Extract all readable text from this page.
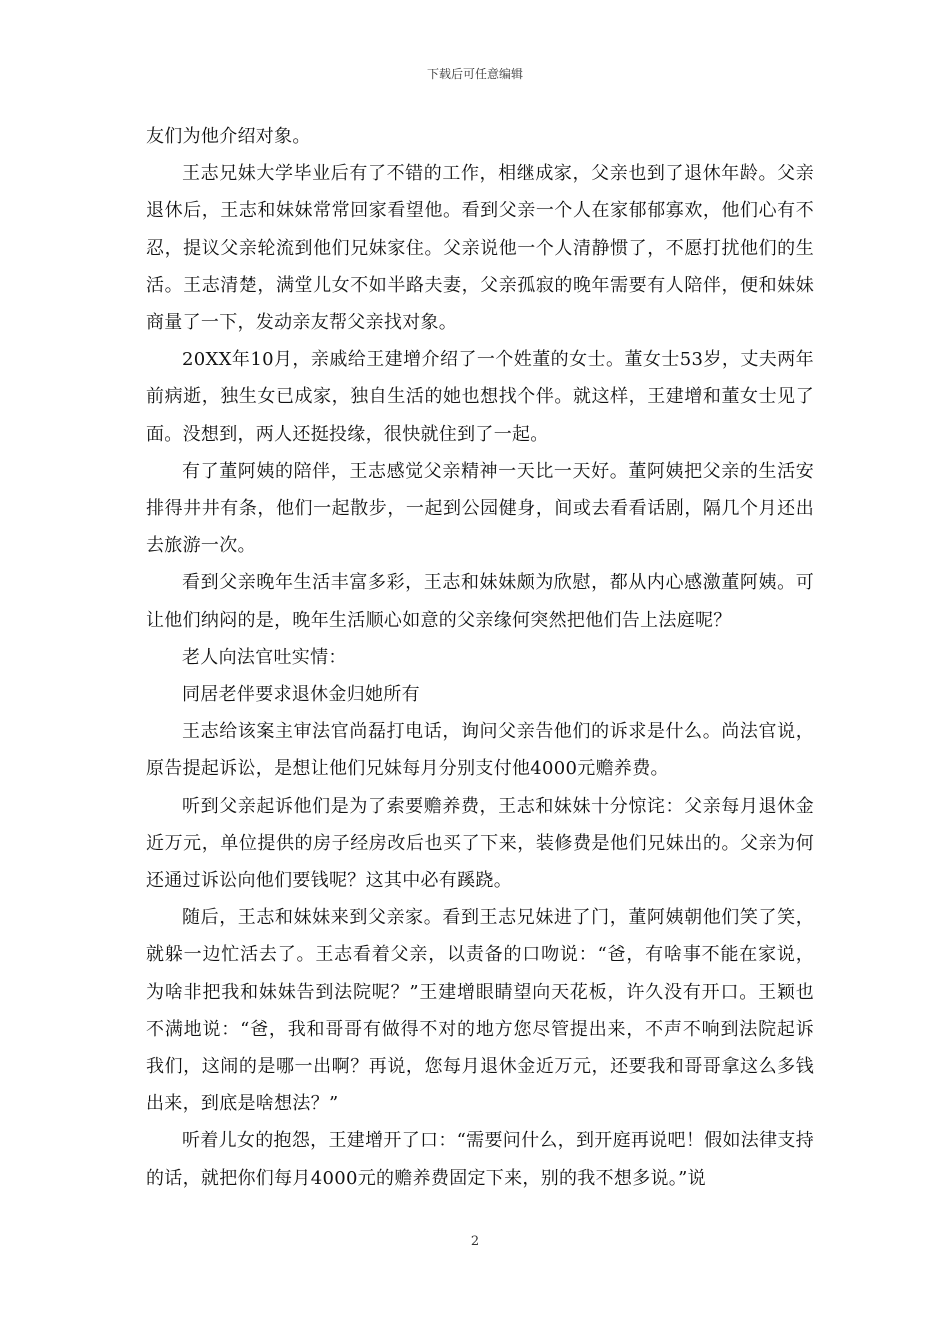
下载后可任意编辑

友们为他介绍对象。

王志兄妹大学毕业后有了不错的工作，相继成家，父亲也到了退休年龄。父亲退休后，王志和妹妹常常回家看望他。看到父亲一个人在家郁郁寡欢，他们心有不忍，提议父亲轮流到他们兄妹家住。父亲说他一个人清静惯了，不愿打扰他们的生活。王志清楚，满堂儿女不如半路夫妻，父亲孤寂的晚年需要有人陪伴，便和妹妹商量了一下，发动亲友帮父亲找对象。

20XX年10月，亲戚给王建增介绍了一个姓董的女士。董女士53岁，丈夫两年前病逝，独生女已成家，独自生活的她也想找个伴。就这样，王建增和董女士见了面。没想到，两人还挺投缘，很快就住到了一起。

有了董阿姨的陪伴，王志感觉父亲精神一天比一天好。董阿姨把父亲的生活安排得井井有条，他们一起散步，一起到公园健身，间或去看看话剧，隔几个月还出去旅游一次。

看到父亲晚年生活丰富多彩，王志和妹妹颇为欣慰，都从内心感激董阿姨。可让他们纳闷的是，晚年生活顺心如意的父亲缘何突然把他们告上法庭呢？

老人向法官吐实情：

同居老伴要求退休金归她所有

王志给该案主审法官尚磊打电话，询问父亲告他们的诉求是什么。尚法官说，原告提起诉讼，是想让他们兄妹每月分别支付他4000元赡养费。

听到父亲起诉他们是为了索要赡养费，王志和妹妹十分惊诧：父亲每月退休金近万元，单位提供的房子经房改后也买了下来，装修费是他们兄妹出的。父亲为何还通过诉讼向他们要钱呢？这其中必有蹊跷。

随后，王志和妹妹来到父亲家。看到王志兄妹进了门，董阿姨朝他们笑了笑，就躲一边忙活去了。王志看着父亲，以责备的口吻说：“爸，有啥事不能在家说，为啥非把我和妹妹告到法院呢？”王建增眼睛望向天花板，许久没有开口。王颖也不满地说：“爸，我和哥哥有做得不对的地方您尽管提出来，不声不响到法院起诉我们，这闹的是哪一出啊？再说，您每月退休金近万元，还要我和哥哥拿这么多钱出来，到底是啥想法？”

听着儿女的抱怨，王建增开了口：“需要问什么，到开庭再说吧！假如法律支持的话，就把你们每月4000元的赡养费固定下来，别的我不想多说。”说

2
